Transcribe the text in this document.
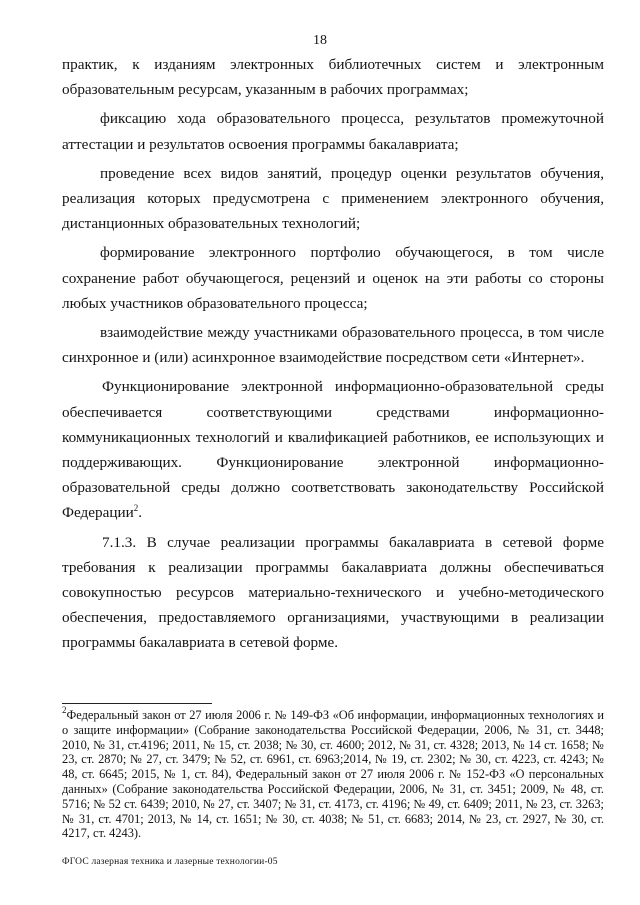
18

практик, к изданиям электронных библиотечных систем и электронным образовательным ресурсам, указанным в рабочих программах;

фиксацию хода образовательного процесса, результатов промежуточной аттестации и результатов освоения программы бакалавриата;

проведение всех видов занятий, процедур оценки результатов обучения, реализация которых предусмотрена с применением электронного обучения, дистанционных образовательных технологий;

формирование электронного портфолио обучающегося, в том числе сохранение работ обучающегося, рецензий и оценок на эти работы со стороны любых участников образовательного процесса;

взаимодействие между участниками образовательного процесса, в том числе синхронное и (или) асинхронное взаимодействие посредством сети «Интернет».

Функционирование электронной информационно-образовательной среды обеспечивается соответствующими средствами информационно-коммуникационных технологий и квалификацией работников, ее использующих и поддерживающих. Функционирование электронной информационно-образовательной среды должно соответствовать законодательству Российской Федерации$^2$.

7.1.3. В случае реализации программы бакалавриата в сетевой форме требования к реализации программы бакалавриата должны обеспечиваться совокупностью ресурсов материально-технического и учебно-методического обеспечения, предоставляемого организациями, участвующими в реализации программы бакалавриата в сетевой форме.

$^2$Федеральный закон от 27 июля 2006 г. № 149-ФЗ «Об информации, информационных технологиях и о защите информации» (Собрание законодательства Российской Федерации, 2006, № 31, ст. 3448; 2010, № 31, ст.4196; 2011, № 15, ст. 2038; № 30, ст. 4600; 2012, № 31, ст. 4328; 2013, № 14 ст. 1658; № 23, ст. 2870; № 27, ст. 3479; № 52, ст. 6961, ст. 6963;2014, № 19, ст. 2302; № 30, ст. 4223, ст. 4243; № 48, ст. 6645; 2015, № 1, ст. 84), Федеральный закон от 27 июля 2006 г. № 152-ФЗ «О персональных данных» (Собрание законодательства Российской Федерации, 2006, № 31, ст. 3451; 2009, № 48, ст. 5716; № 52 ст. 6439; 2010, № 27, ст. 3407; № 31, ст. 4173, ст. 4196; № 49, ст. 6409; 2011, № 23, ст. 3263; № 31, ст. 4701; 2013, № 14, ст. 1651; № 30, ст. 4038; № 51, ст. 6683; 2014, № 23, ст. 2927, № 30, ст. 4217, ст. 4243).

ФГОС лазерная техника и лазерные технологии-05
